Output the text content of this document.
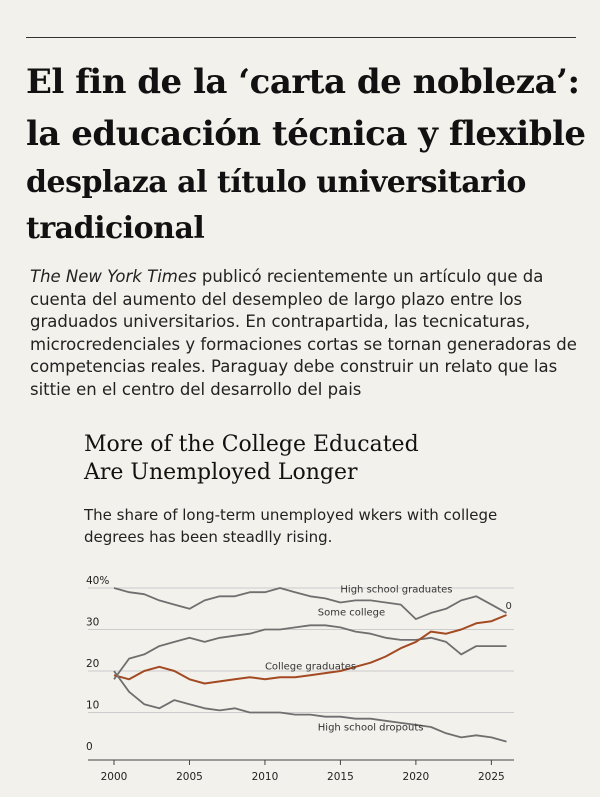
El fin de la ‘carta de nobleza’:
la educación técnica y flexible
desplaza al título universitario
tradicional

The New York Times publicó recientemente un artículo que da cuenta del aumento del desempleo de largo plazo entre los graduados universitarios. En contrapartida, las tecnicaturas, microcredenciales y formaciones cortas se tornan generadoras de competencias reales. Paraguay debe construir un relato que las sittie en el centro del desarrollo del pais

More of the College Educated
Are Unemployed Longer

The share of long-term unemployed wkers with college degrees has been steadlly rising.

0
10
20
30
40%
2000	2005	2010	2015	2020	2025
High school graduates
Some college
College graduates
High school dropouts
0
